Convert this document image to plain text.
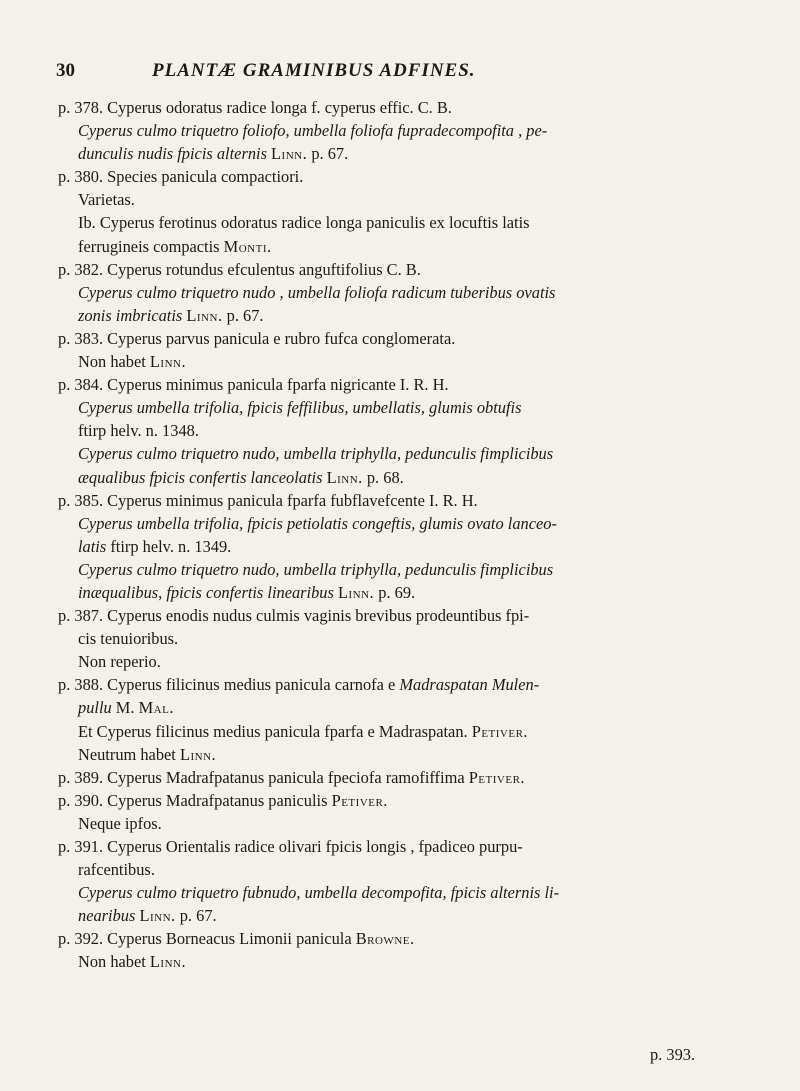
30	PLANTÆ GRAMINIBUS ADFINES.
p. 378. Cyperus odoratus radice longa f. cyperus effic. C. B.
Cyperus culmo triquetro foliofo, umbella foliofa fupradecompofita , pe-
dunculis nudis fpicis alternis Linn. p. 67.
p. 380. Species panicula compactiori.
Varietas.
Ib. Cyperus ferotinus odoratus radice longa paniculis ex locuftis latis
ferrugineis compactis Monti.
p. 382. Cyperus rotundus efculentus anguftifolius C. B.
Cyperus culmo triquetro nudo , umbella foliofa radicum tuberibus ovatis
zonis imbricatis Linn. p. 67.
p. 383. Cyperus parvus panicula e rubro fufca conglomerata.
Non habet Linn.
p. 384. Cyperus minimus panicula fparfa nigricante I. R. H.
Cyperus umbella trifolia, fpicis feffilibus, umbellatis, glumis obtufis
ftirp helv. n. 1348.
Cyperus culmo triquetro nudo, umbella triphylla, pedunculis fimplicibus
æqualibus fpicis confertis lanceolatis Linn. p. 68.
p. 385. Cyperus minimus panicula fparfa fubflavefcente I. R. H.
Cyperus umbella trifolia, fpicis petiolatis congeftis, glumis ovato lanceo-
latis ftirp helv. n. 1349.
Cyperus culmo triquetro nudo, umbella triphylla, pedunculis fimplicibus
inæqualibus, fpicis confertis linearibus Linn. p. 69.
p. 387. Cyperus enodis nudus culmis vaginis brevibus prodeuntibus fpi-
cis tenuioribus.
Non reperio.
p. 388. Cyperus filicinus medius panicula carnofa e Madraspatan Mulen-
pullu M. Mal.
Et Cyperus filicinus medius panicula fparfa e Madraspatan. Petiver.
Neutrum habet Linn.
p. 389. Cyperus Madrafpatanus panicula fpeciofa ramofiffima Petiver.
p. 390. Cyperus Madrafpatanus paniculis Petiver.
Neque ipfos.
p. 391. Cyperus Orientalis radice olivari fpicis longis , fpadiceo purpu-
rafcentibus.
Cyperus culmo triquetro fubnudo, umbella decompofita, fpicis alternis li-
nearibus Linn. p. 67.
p. 392. Cyperus Borneacus Limonii panicula Browne.
Non habet Linn.
p. 393.
